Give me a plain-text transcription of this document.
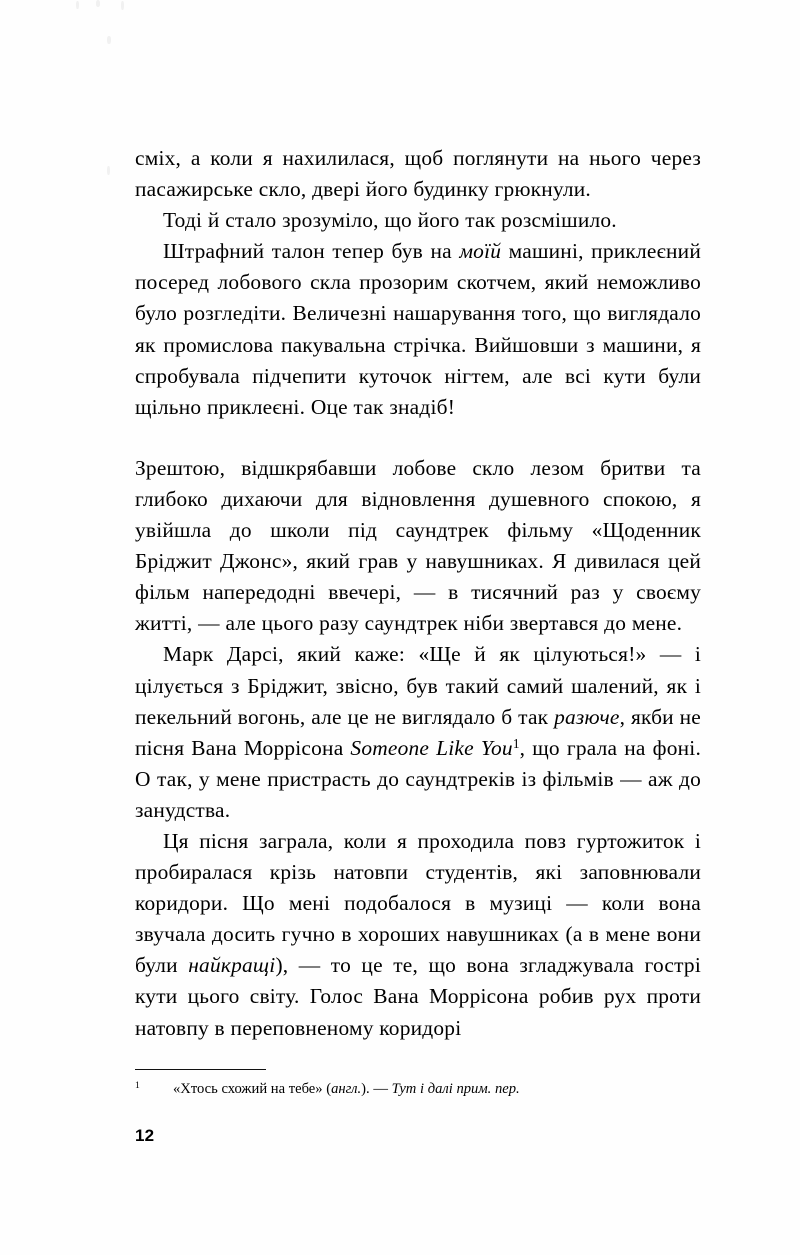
сміх, а коли я нахилилася, щоб поглянути на нього через пасажирське скло, двері його будинку грюкнули.

Тоді й стало зрозуміло, що його так розсмішило.

Штрафний талон тепер був на моїй машині, приклеєний посеред лобового скла прозорим скотчем, який неможливо було розгледіти. Величезні нашарування того, що виглядало як промислова пакувальна стрічка. Вийшовши з машини, я спробувала підчепити куточок нігтем, але всі кути були щільно приклеєні. Оце так знадіб!

Зрештою, відшкрябавши лобове скло лезом бритви та глибоко дихаючи для відновлення душевного спокою, я увійшла до школи під саундтрек фільму «Щоденник Бріджит Джонс», який грав у навушниках. Я дивилася цей фільм напередодні ввечері, — в тисячний раз у своєму житті, — але цього разу саундтрек ніби звертався до мене.

Марк Дарсі, який каже: «Ще й як цілуються!» — і цілується з Бріджит, звісно, був такий самий шалений, як і пекельний вогонь, але це не виглядало б так разюче, якби не пісня Вана Моррісона Someone Like You$^1$, що грала на фоні. О так, у мене пристрасть до саундтреків із фільмів — аж до занудства.

Ця пісня заграла, коли я проходила повз гуртожиток і пробиралася крізь натовпи студентів, які заповнювали коридори. Що мені подобалося в музиці — коли вона звучала досить гучно в хороших навушниках (а в мене вони були найкращі), — то це те, що вона згладжувала гострі кути цього світу. Голос Вана Моррісона робив рух проти натовпу в переповненому коридорі

1 «Хтось схожий на тебе» (англ.). — Тут і далі прим. пер.
12
